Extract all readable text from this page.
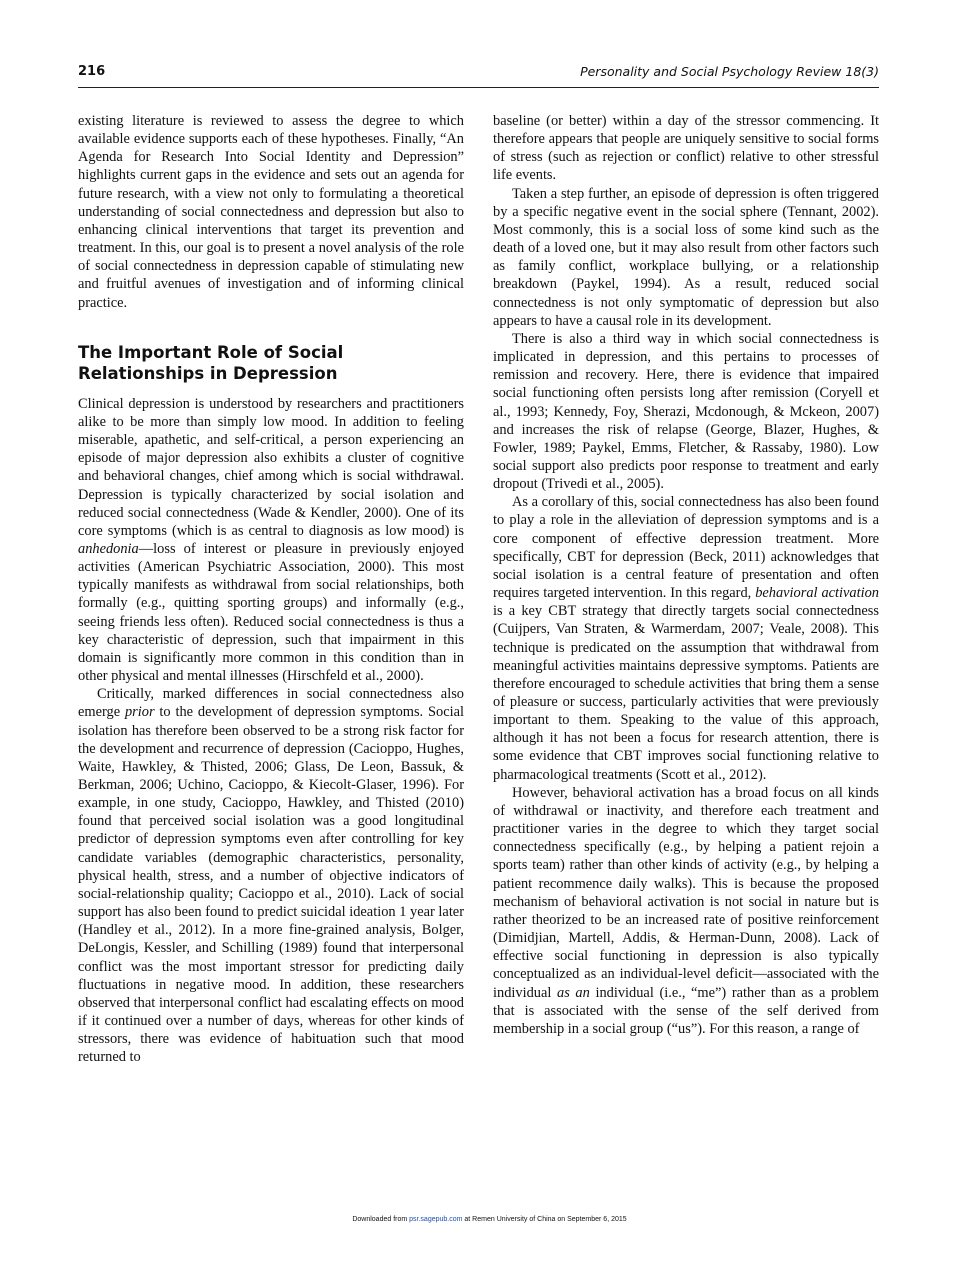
216	Personality and Social Psychology Review 18(3)

existing literature is reviewed to assess the degree to which available evidence supports each of these hypotheses. Finally, “An Agenda for Research Into Social Identity and Depression” highlights current gaps in the evidence and sets out an agenda for future research, with a view not only to formulating a theoretical understanding of social connectedness and depression but also to enhancing clinical interventions that target its prevention and treatment. In this, our goal is to present a novel analysis of the role of social connectedness in depression capable of stimulating new and fruitful avenues of investigation and of informing clinical practice.

The Important Role of Social Relationships in Depression

Clinical depression is understood by researchers and practitioners alike to be more than simply low mood. In addition to feeling miserable, apathetic, and self-critical, a person experiencing an episode of major depression also exhibits a cluster of cognitive and behavioral changes, chief among which is social withdrawal. Depression is typically characterized by social isolation and reduced social connectedness (Wade & Kendler, 2000). One of its core symptoms (which is as central to diagnosis as low mood) is anhedonia—loss of interest or pleasure in previously enjoyed activities (American Psychiatric Association, 2000). This most typically manifests as withdrawal from social relationships, both formally (e.g., quitting sporting groups) and informally (e.g., seeing friends less often). Reduced social connectedness is thus a key characteristic of depression, such that impairment in this domain is significantly more common in this condition than in other physical and mental illnesses (Hirschfeld et al., 2000).

Critically, marked differences in social connectedness also emerge prior to the development of depression symptoms. Social isolation has therefore been observed to be a strong risk factor for the development and recurrence of depression (Cacioppo, Hughes, Waite, Hawkley, & Thisted, 2006; Glass, De Leon, Bassuk, & Berkman, 2006; Uchino, Cacioppo, & Kiecolt-Glaser, 1996). For example, in one study, Cacioppo, Hawkley, and Thisted (2010) found that perceived social isolation was a good longitudinal predictor of depression symptoms even after controlling for key candidate variables (demographic characteristics, personality, physical health, stress, and a number of objective indicators of social-relationship quality; Cacioppo et al., 2010). Lack of social support has also been found to predict suicidal ideation 1 year later (Handley et al., 2012). In a more fine-grained analysis, Bolger, DeLongis, Kessler, and Schilling (1989) found that interpersonal conflict was the most important stressor for predicting daily fluctuations in negative mood. In addition, these researchers observed that interpersonal conflict had escalating effects on mood if it continued over a number of days, whereas for other kinds of stressors, there was evidence of habituation such that mood returned to

baseline (or better) within a day of the stressor commencing. It therefore appears that people are uniquely sensitive to social forms of stress (such as rejection or conflict) relative to other stressful life events.

Taken a step further, an episode of depression is often triggered by a specific negative event in the social sphere (Tennant, 2002). Most commonly, this is a social loss of some kind such as the death of a loved one, but it may also result from other factors such as family conflict, workplace bullying, or a relationship breakdown (Paykel, 1994). As a result, reduced social connectedness is not only symptomatic of depression but also appears to have a causal role in its development.

There is also a third way in which social connectedness is implicated in depression, and this pertains to processes of remission and recovery. Here, there is evidence that impaired social functioning often persists long after remission (Coryell et al., 1993; Kennedy, Foy, Sherazi, Mcdonough, & Mckeon, 2007) and increases the risk of relapse (George, Blazer, Hughes, & Fowler, 1989; Paykel, Emms, Fletcher, & Rassaby, 1980). Low social support also predicts poor response to treatment and early dropout (Trivedi et al., 2005).

As a corollary of this, social connectedness has also been found to play a role in the alleviation of depression symptoms and is a core component of effective depression treatment. More specifically, CBT for depression (Beck, 2011) acknowledges that social isolation is a central feature of presentation and often requires targeted intervention. In this regard, behavioral activation is a key CBT strategy that directly targets social connectedness (Cuijpers, Van Straten, & Warmerdam, 2007; Veale, 2008). This technique is predicated on the assumption that withdrawal from meaningful activities maintains depressive symptoms. Patients are therefore encouraged to schedule activities that bring them a sense of pleasure or success, particularly activities that were previously important to them. Speaking to the value of this approach, although it has not been a focus for research attention, there is some evidence that CBT improves social functioning relative to pharmacological treatments (Scott et al., 2012).

However, behavioral activation has a broad focus on all kinds of withdrawal or inactivity, and therefore each treatment and practitioner varies in the degree to which they target social connectedness specifically (e.g., by helping a patient rejoin a sports team) rather than other kinds of activity (e.g., by helping a patient recommence daily walks). This is because the proposed mechanism of behavioral activation is not social in nature but is rather theorized to be an increased rate of positive reinforcement (Dimidjian, Martell, Addis, & Herman-Dunn, 2008). Lack of effective social functioning in depression is also typically conceptualized as an individual-level deficit—associated with the individual as an individual (i.e., “me”) rather than as a problem that is associated with the sense of the self derived from membership in a social group (“us”). For this reason, a range of

Downloaded from psr.sagepub.com at Remen University of China on September 6, 2015
